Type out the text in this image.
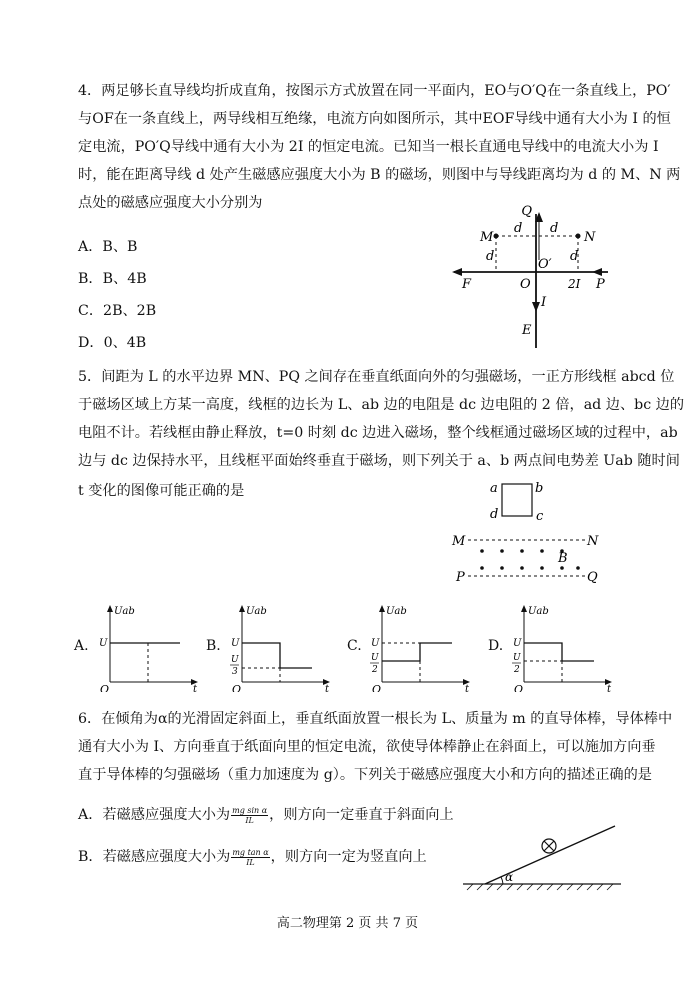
4．两足够长直导线均折成直角，按图示方式放置在同一平面内，EO与O′Q在一条直线上，PO′
与OF在一条直线上，两导线相互绝缘，电流方向如图所示，其中EOF导线中通有大小为 I 的恒
定电流，PO′Q导线中通有大小为 2I 的恒定电流。已知当一根长直通电导线中的电流大小为 I
时，能在距离导线 d 处产生磁感应强度大小为 B 的磁场，则图中与导线距离均为 d 的 M、N 两
点处的磁感应强度大小分别为
A．B、B
B．B、4B
C．2B、2B
D．0、4B
Q
M	N
d d
d	d
O′
F	O	2I P
I
E
5．间距为 L 的水平边界 MN、PQ 之间存在垂直纸面向外的匀强磁场，一正方形线框 abcd 位
于磁场区域上方某一高度，线框的边长为 L、ab 边的电阻是 dc 边电阻的 2 倍，ad 边、bc 边的
电阻不计。若线框由静止释放，t=0 时刻 dc 边进入磁场，整个线框通过磁场区域的过程中，ab
边与 dc 边保持水平，且线框平面始终垂直于磁场，则下列关于 a、b 两点间电势差 Uab 随时间
t 变化的图像可能正确的是	a	b
d	c
M	N
P	Q
B
A.
Uab
U
O	t
B.
Uab
U
U
3
O	t
C.
Uab
U
U
2
O	t
D.
Uab
U
U
2
O	t
6．在倾角为α的光滑固定斜面上，垂直纸面放置一根长为 L、质量为 m 的直导体棒，导体棒中
通有大小为 I、方向垂直于纸面向里的恒定电流，欲使导体棒静止在斜面上，可以施加方向垂
直于导体棒的匀强磁场（重力加速度为 g）。下列关于磁感应强度大小和方向的描述正确的是
A．若磁感应强度大小为 $\frac{\text{mg sin α}}{IL}$ ，则方向一定垂直于斜面向上
B．若磁感应强度大小为 $\frac{\text{mg tan α}}{IL}$ ，则方向一定为竖直向上
α
高二物理第 2 页 共 7 页
